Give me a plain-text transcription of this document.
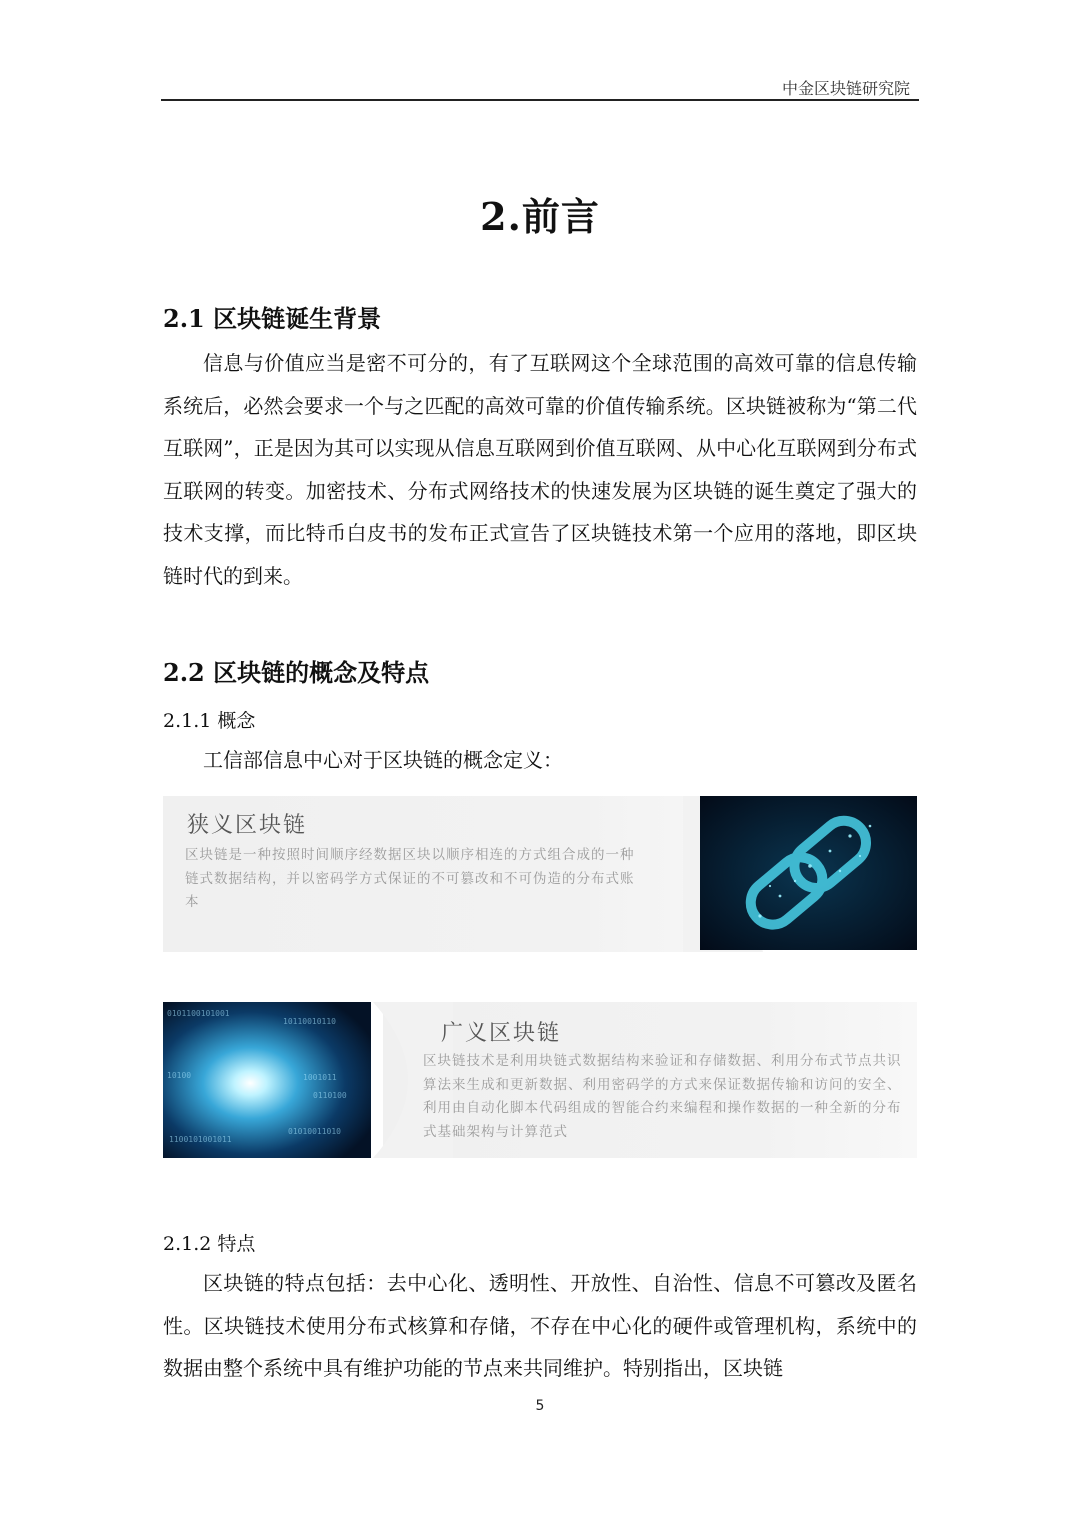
中金区块链研究院
2.前言
2.1 区块链诞生背景

信息与价值应当是密不可分的，有了互联网这个全球范围的高效可靠的信息传输系统后，必然会要求一个与之匹配的高效可靠的价值传输系统。区块链被称为“第二代互联网”，正是因为其可以实现从信息互联网到价值互联网、从中心化互联网到分布式互联网的转变。加密技术、分布式网络技术的快速发展为区块链的诞生奠定了强大的技术支撑，而比特币白皮书的发布正式宣告了区块链技术第一个应用的落地，即区块链时代的到来。

2.2 区块链的概念及特点
2.1.1 概念

工信部信息中心对于区块链的概念定义：

狭义区块链

区块链是一种按照时间顺序经数据区块以顺序相连的方式组合成的一种链式数据结构，并以密码学方式保证的不可篡改和不可伪造的分布式账本

0101100101001
10110010110
1100101001011
01010011010
1001011
0110100
10100
广义区块链

区块链技术是利用块链式数据结构来验证和存储数据、利用分布式节点共识算法来生成和更新数据、利用密码学的方式来保证数据传输和访问的安全、利用由自动化脚本代码组成的智能合约来编程和操作数据的一种全新的分布式基础架构与计算范式

2.1.2 特点

区块链的特点包括：去中心化、透明性、开放性、自治性、信息不可篡改及匿名性。区块链技术使用分布式核算和存储，不存在中心化的硬件或管理机构，系统中的数据由整个系统中具有维护功能的节点来共同维护。特别指出，区块链

5
